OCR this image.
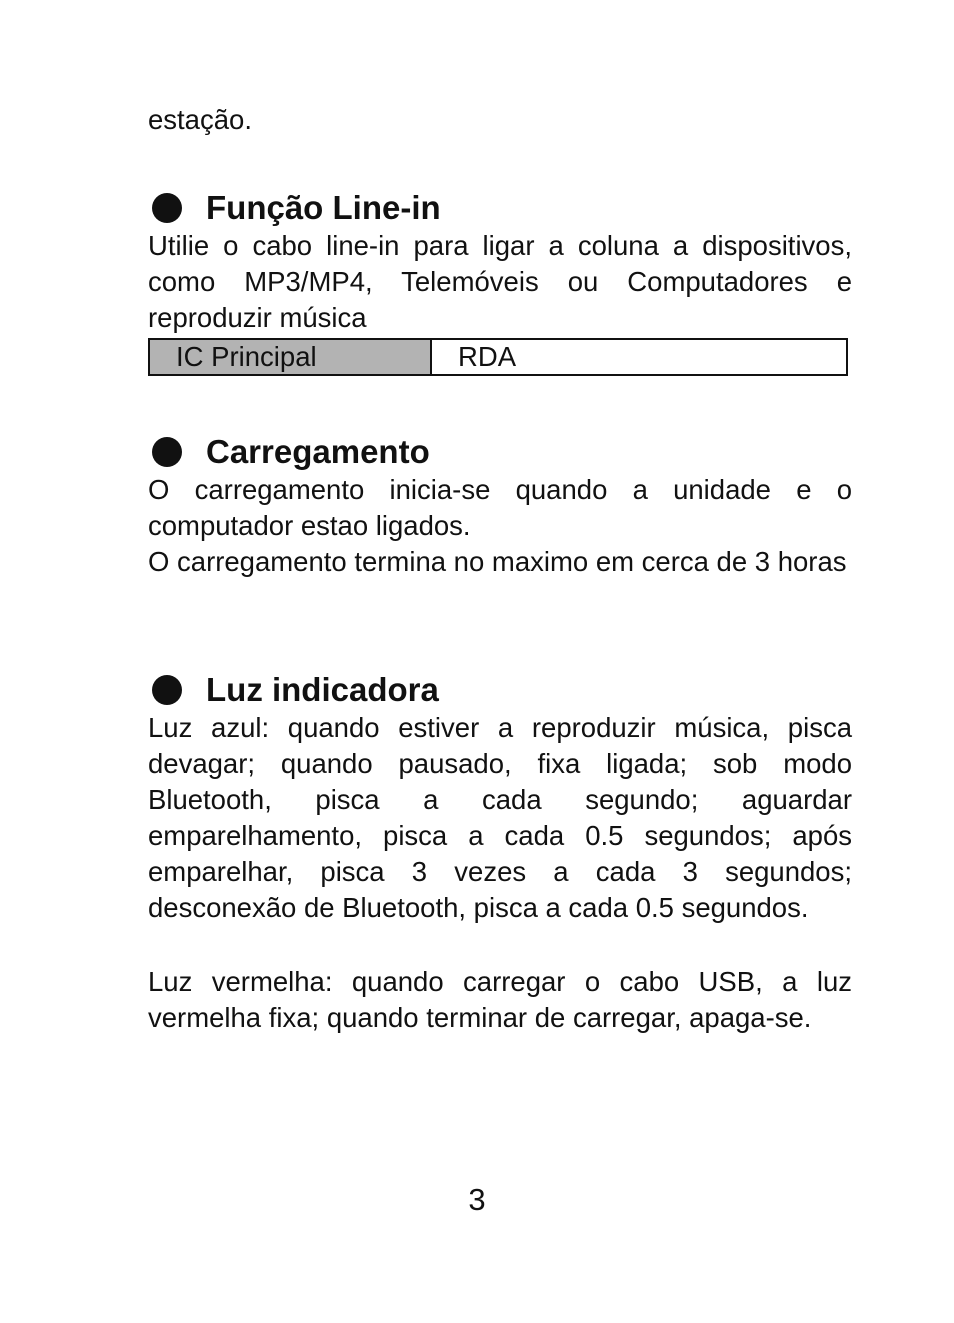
estação.

Função Line-in

Utilie o cabo line-in para ligar a coluna a dispositivos, como MP3/MP4, Telemóveis ou Computadores e reproduzir música

IC Principal	RDA
Carregamento

O carregamento inicia-se quando a unidade e o computador estao ligados.

O carregamento termina no maximo em cerca de 3 horas

Luz indicadora

Luz azul: quando estiver a reproduzir música, pisca devagar; quando pausado, fixa ligada; sob modo Bluetooth, pisca a cada segundo; aguardar emparelhamento, pisca a cada 0.5 segundos; após emparelhar, pisca 3 vezes a cada 3 segundos; desconexão de Bluetooth, pisca a cada 0.5 segundos.

Luz vermelha: quando carregar o cabo USB, a luz vermelha fixa; quando terminar de carregar, apaga-se.

3
